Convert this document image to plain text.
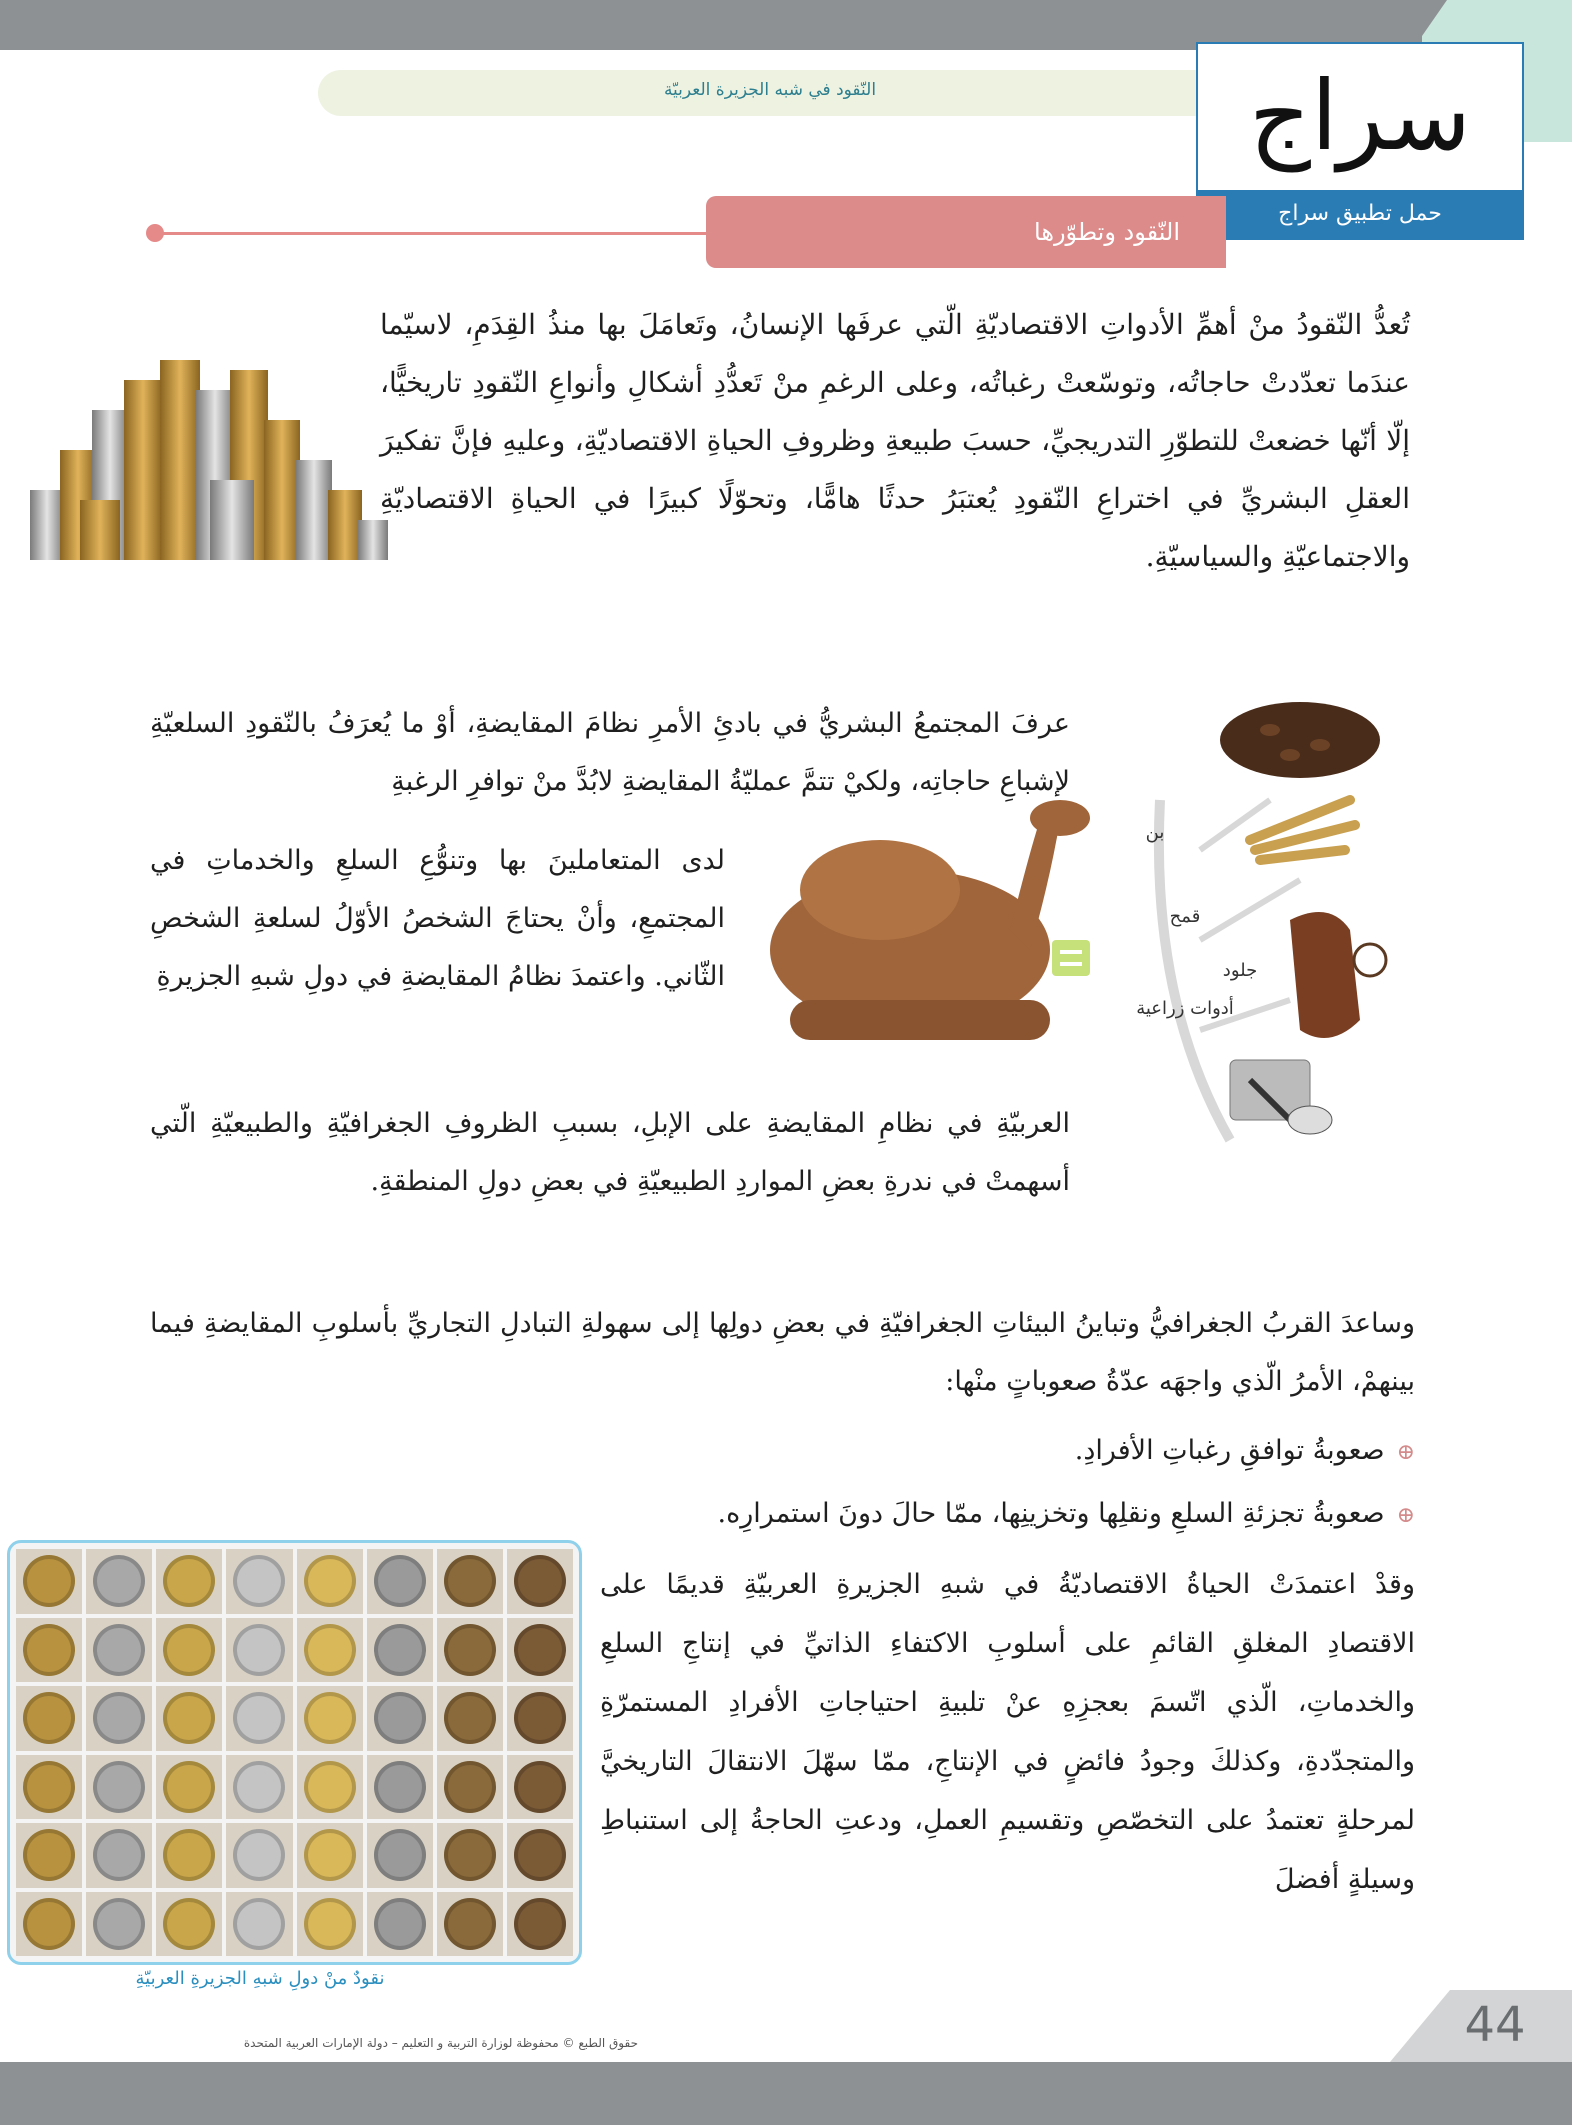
النّقود في شبه الجزيرة العربيّة	سراج
حمل تطبيق سراج
النّقود وتطوّرها

تُعدُّ النّقودُ منْ أهمِّ الأدواتِ الاقتصاديّةِ الّتي عرفَها الإنسانُ، وتَعامَلَ بها منذُ القِدَمِ، لاسيّما عندَما تعدّدتْ حاجاتُه، وتوسّعتْ رغباتُه، وعلى الرغمِ منْ تَعدُّدِ أشكالِ وأنواعِ النّقودِ تاريخيًّا، إلّا أنّها خضعتْ للتطوّرِ التدريجيِّ، حسبَ طبيعةِ وظروفِ الحياةِ الاقتصاديّةِ، وعليهِ فإنَّ تفكيرَ العقلِ البشريِّ في اختراعِ النّقودِ يُعتبَرُ حدثًا هامًّا، وتحوّلًا كبيرًا في الحياةِ الاقتصاديّةِ والاجتماعيّةِ والسياسيّةِ.

عرفَ المجتمعُ البشريُّ في بادئِ الأمرِ نظامَ المقايضةِ، أوْ ما يُعرَفُ بالنّقودِ السلعيّةِ لإشباعِ حاجاتِه، ولكيْ تتمَّ عمليّةُ المقايضةِ لابُدَّ منْ توافرِ الرغبةِ

لدى المتعاملينَ بها وتنوُّعِ السلعِ والخدماتِ في المجتمعِ، وأنْ يحتاجَ الشخصُ الأوّلُ لسلعةِ الشخصِ الثّاني. واعتمدَ نظامُ المقايضةِ في دولِ شبهِ الجزيرةِ

العربيّةِ في نظامِ المقايضةِ على الإبلِ، بسببِ الظروفِ الجغرافيّةِ والطبيعيّةِ الّتي أسهمتْ في ندرةِ بعضِ المواردِ الطبيعيّةِ في بعضِ دولِ المنطقةِ.

بن
قمح
جلود
أدوات زراعية

وساعدَ القربُ الجغرافيُّ وتباينُ البيئاتِ الجغرافيّةِ في بعضِ دولِها إلى سهولةِ التبادلِ التجاريِّ بأسلوبِ المقايضةِ فيما بينهمْ، الأمرُ الّذي واجهَه عدّةُ صعوباتٍ منْها:

⊕صعوبةُ توافقِ رغباتِ الأفرادِ.
⊕صعوبةُ تجزئةِ السلعِ ونقلِها وتخزينِها، ممّا حالَ دونَ استمرارِه.

وقدْ اعتمدَتْ الحياةُ الاقتصاديّةُ في شبهِ الجزيرةِ العربيّةِ قديمًا على الاقتصادِ المغلقِ القائمِ على أسلوبِ الاكتفاءِ الذاتيِّ في إنتاجِ السلعِ والخدماتِ، الّذي اتّسمَ بعجزِهِ عنْ تلبيةِ احتياجاتِ الأفرادِ المستمرّةِ والمتجدّدةِ، وكذلكَ وجودُ فائضٍ في الإنتاجِ، ممّا سهّلَ الانتقالَ التاريخيَّ لمرحلةٍ تعتمدُ على التخصّصِ وتقسيمِ العملِ، ودعتِ الحاجةُ إلى استنباطِ وسيلةٍ أفضلَ

نقودٌ منْ دولِ شبهِ الجزيرةِ العربيّةِ
44
حقوق الطبع © محفوظة لوزارة التربية و التعليم – دولة الإمارات العربية المتحدة
